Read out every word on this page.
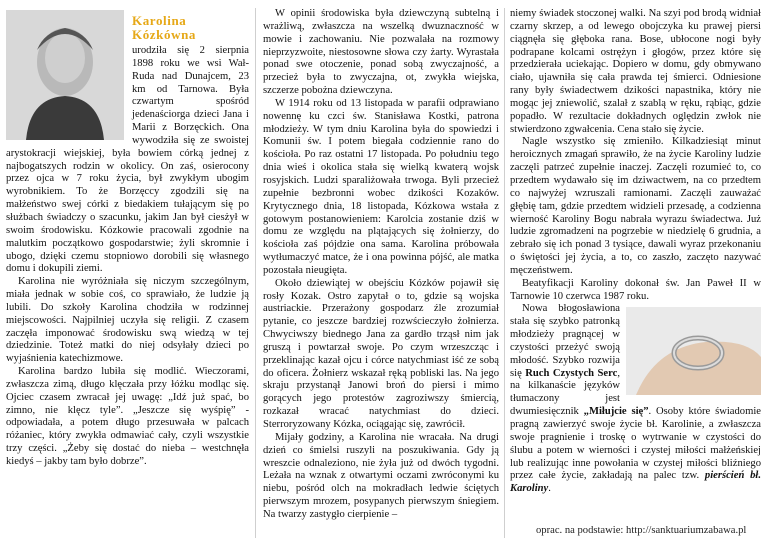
Karolina Kózkówna

urodziła się 2 sierpnia 1898 roku we wsi Wał-Ruda nad Dunajcem, 23 km od Tarnowa. Była czwartym spośród jedenaściorga dzieci Jana i Marii z Borzęckich. Ona wywodziła się ze swoistej arystokracji wiejskiej, była bowiem córką jednej z najbogatszych rodzin w okolicy. On zaś, osierocony przez ojca w 7 roku życia, był zwykłym ubogim wyrobnikiem. To że Borzęccy zgodzili się na małżeństwo swej córki z biedakiem tułającym się po służbach świadczy o szacunku, jakim Jan był ciesżył w swoim środowisku. Kózkowie pracowali zgodnie na malutkim początkowo gospodarstwie; żyli skromnie i ubogo, dzięki czemu stopniowo dorobili się własnego domu i dokupili ziemi.

Karolina nie wyróżniała się niczym szczególnym, miała jednak w sobie coś, co sprawiało, że ludzie ją lubili. Do szkoły Karolina chodziła w rodzinnej miejscowości. Najpilniej uczyła się religii. Z czasem zaczęła imponować środowisku swą wiedzą w tej dziedzinie. Toteż matki do niej odsyłały dzieci po wyjaśnienia katechizmowe.

Karolina bardzo lubiła się modlić. Wieczorami, zwłaszcza zimą, długo klęczała przy łóżku modląc się. Ojciec czasem zwracał jej uwagę: „Idź już spać, bo zimno, nie klęcz tyle”. „Jeszcze się wyśpię” - odpowiadała, a potem długo przesuwała w palcach różaniec, który zwykła odmawiać cały, czyli wszystkie trzy części. „Żeby się dostać do nieba – westchnęła kiedyś – jakby tam było dobrze”.

W opinii środowiska była dziewczyną subtelną i wrażliwą, zwłaszcza na wszelką dwuznaczność w mowie i zachowaniu. Nie pozwalała na rozmowy nieprzyzwoite, niestosowne słowa czy żarty. Wyrastała ponad swe otoczenie, ponad sobą zwyczajność, a przecież była to zwyczajna, ot, zwykła wiejska, szczerze pobożna dziewczyna.

W 1914 roku od 13 listopada w parafii odprawiano nowennę ku czci św. Stanisława Kostki, patrona młodzieży. W tym dniu Karolina była do spowiedzi i Komunii św. I potem biegała codziennie rano do kościoła. Po raz ostatni 17 listopada. Po południu tego dnia wieś i okolica stała się wielką kwaterą wojsk rosyjskich. Ludzi sparaliżowała trwoga. Byli przecież zupełnie bezbronni wobec dzikości Kozaków. Krytycznego dnia, 18 listopada, Kózkowa wstała z gotowym postanowieniem: Karolcia zostanie dziś w domu ze względu na plątających się żołnierzy, do kościoła zaś pójdzie ona sama. Karolina próbowała wytłumaczyć matce, że i ona powinna pójść, ale matka pozostała nieugięta.

Około dziewiątej w obejściu Kózków pojawił się rosły Kozak. Ostro zapytał o to, gdzie są wojska austriackie. Przerażony gospodarz źle zrozumiał pytanie, co jeszcze bardziej rozwścieczyło żołnierza. Chwyciwszy biednego Jana za gardło trząsł nim jak gruszą i powtarzał swoje. Po czym wrzeszcząc i przeklinając kazał ojcu i córce natychmiast iść ze sobą do oficera. Żołnierz wskazał ręką pobliski las. Na jego skraju przystanął Janowi broń do piersi i mimo gorących jego protestów zagroziwszy śmiercią, rozkazał wracać natychmiast do dzieci. Sterroryzowany Kózka, ociągając się, zawrócił.

Mijały godziny, a Karolina nie wracała. Na drugi dzień co śmielsi ruszyli na poszukiwania. Gdy ją wreszcie odnaleziono, nie żyła już od dwóch tygodni. Leżała na wznak z otwartymi oczami zwróconymi ku niebu, pośród olch na mokradłach ledwie ściętych pierwszym mrozem, posypanych pierwszym śniegiem. Na twarzy zastygło cierpienie –

niemy świadek stoczonej walki. Na szyi pod brodą widniał czarny skrzep, a od lewego obojczyka ku prawej piersi ciągnęła się głęboka rana. Bose, ubłocone nogi były podrapane kolcami ostrężyn i głogów, przez które się przedzierała uciekając. Dopiero w domu, gdy obmywano ciało, ujawniła się cała prawda tej śmierci. Odniesione rany były świadectwem dzikości napastnika, który nie mogąc jej zniewolić, szalał z szablą w ręku, rąbiąc, gdzie popadło. W rezultacie dokładnych oględzin zwłok nie stwierdzono zgwałcenia. Cena stało się życie.

Nagle wszystko się zmieniło. Kilkadziesiąt minut heroicznych zmagań sprawiło, że na życie Karoliny ludzie zaczęli patrzeć zupełnie inaczej. Zaczęli rozumieć to, co przedtem wydawało się im dziwactwem, na co przedtem co najwyżej wzruszali ramionami. Zaczęli zauważać głębię tam, gdzie przedtem widzieli przesadę, a codzienna wierność Karoliny Bogu nabrała wyrazu świadectwa. Już ludzie zgromadzeni na pogrzebie w niedzielę 6 grudnia, a zebrało się ich ponad 3 tysiące, dawali wyraz przekonaniu o świętości jej życia, a to, co zaszło, zaczęto nazywać męczeństwem.

Beatyfikacji Karoliny dokonał św. Jan Paweł II w Tarnowie 10 czerwca 1987 roku.

Nowa błogosławiona stała się szybko patronką młodzieży pragnącej w czystości przeżyć swoją młodość. Szybko rozwija się Ruch Czystych Serc, na kilkanaście języków tłumaczony jest dwumiesięcznik „Miłujcie się”. Osoby które świadomie pragną zawierzyć swoje życie bł. Karolinie, a zwłaszcza swoje pragnienie i troskę o wytrwanie w czystości do ślubu a potem w wierności i czystej miłości małżeńskiej lub realizując inne powołania w czystej miłości bliźniego przez całe życie, zakładają na palec tzw. pierścień bł. Karoliny.

oprac. na podstawie: http://sanktuariumzabawa.pl
